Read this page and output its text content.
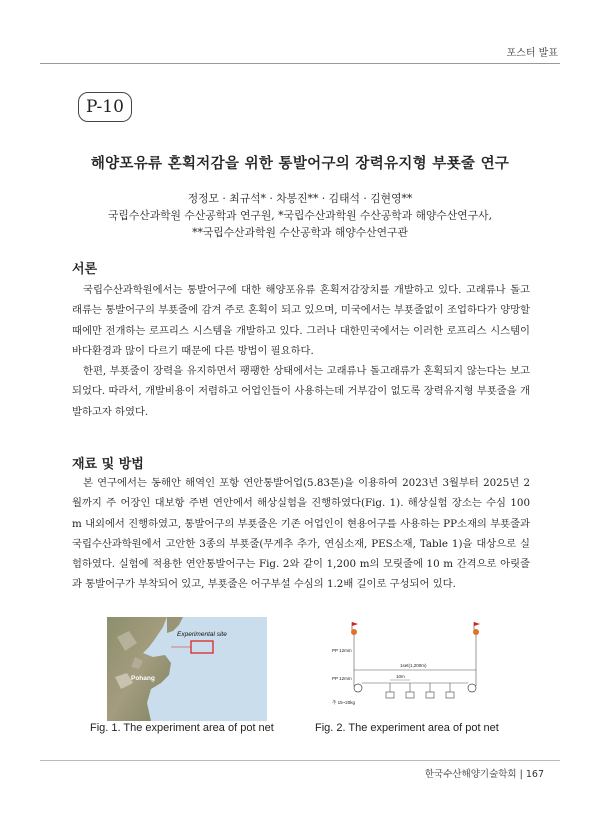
포스터 발표
P-10
해양포유류 혼획저감을 위한 통발어구의 장력유지형 부푯줄 연구
정정모 · 최규석* · 차봉진** · 김태석 · 김현영**
국립수산과학원 수산공학과 연구원, *국립수산과학원 수산공학과 해양수산연구사,
**국립수산과학원 수산공학과 해양수산연구관
서론

국립수산과학원에서는 통발어구에 대한 해양포유류 혼획저감장치를 개발하고 있다. 고래류나 돌고래류는 통발어구의 부푯줄에 감겨 주로 혼획이 되고 있으며, 미국에서는 부푯줄없이 조업하다가 양망할 때에만 전개하는 로프리스 시스템을 개발하고 있다. 그러나 대한민국에서는 이러한 로프리스 시스템이 바다환경과 많이 다르기 때문에 다른 방법이 필요하다.

한편, 부푯줄이 장력을 유지하면서 팽팽한 상태에서는 고래류나 돌고래류가 혼획되지 않는다는 보고되었다. 따라서, 개발비용이 저렴하고 어업인들이 사용하는데 거부감이 없도록 장력유지형 부푯줄을 개발하고자 하였다.

재료 및 방법

본 연구에서는 동해안 해역인 포항 연안통발어업(5.83톤)을 이용하여 2023년 3월부터 2025년 2월까지 주 어장인 대보항 주변 연안에서 해상실험을 진행하였다(Fig. 1). 해상실험 장소는 수심 100 m 내외에서 진행하였고, 통발어구의 부푯줄은 기존 어업인이 현용어구를 사용하는 PP소재의 부푯줄과 국립수산과학원에서 고안한 3종의 부푯줄(무게추 추가, 연심소재, PES소재, Table 1)을 대상으로 실험하였다. 실험에 적용한 연안통발어구는 Fig. 2와 같이 1,200 m의 모릿줄에 10 m 간격으로 아릿줄과 통발어구가 부착되어 있고, 부푯줄은 어구부설 수심의 1.2배 길이로 구성되어 있다.

Experimental site
Pohang
Fig. 1. The experiment area of pot net
PP 12mm
1set(1,200m)
PP 12mm	10m
추 15~20kg
Fig. 2. The experiment area of pot net
한국수산해양기술학회 | 167
